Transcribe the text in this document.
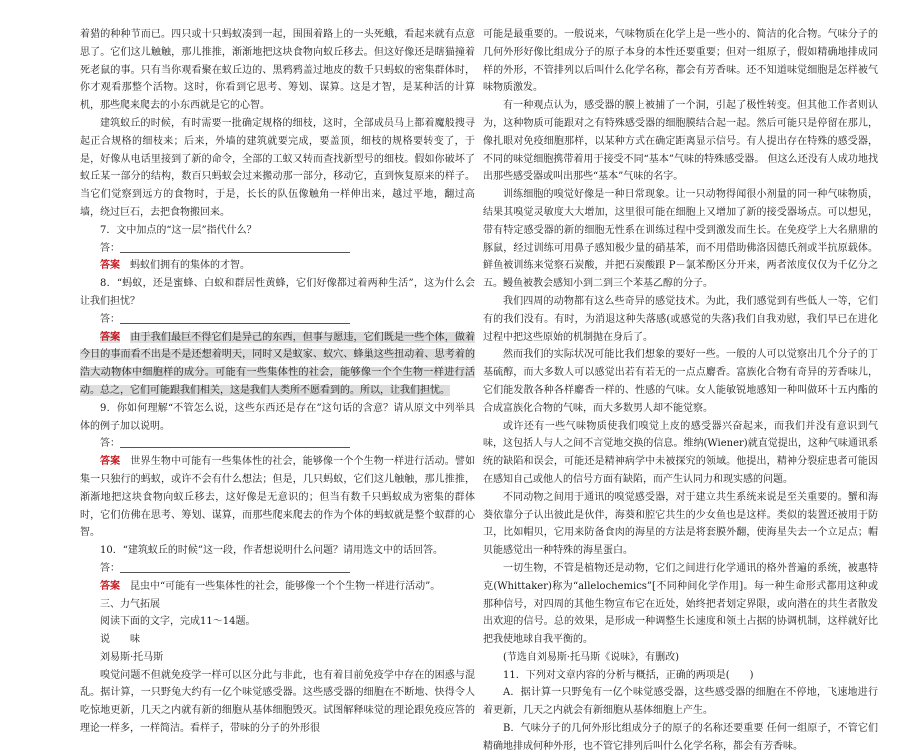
着猎的种种节而已。四只或十只蚂蚁凑到一起，围围着路上的一头死蛾，看起来就有点意思了。它们这儿触触，那儿推推，渐渐地把这块食物向蚁丘移去。但这好像还是瞎猫撞着死老鼠的事。只有当你观看聚在蚁丘边的、黑鸦鸦盖过地皮的数千只蚂蚁的密集群体时，你才观看那整个活物。这时，你看到它思考、筹划、谋算。这是才智，是某种活的计算机，那些爬来爬去的小东西就是它的心智。

建筑蚁丘的时候，有时需要一批确定规格的细枝，这时，全部成员马上都着魔般搜寻起正合规格的细枝来；后来，外墙的建筑就要完成，要盖顶，细枝的规格要转变了，于是，好像从电话里接到了新的命令，全部的工蚁又转而查找新型号的细枝。假如你破坏了蚁丘某一部分的结构，数百只蚂蚁会过来搬动那一部分，移动它，直到恢复原来的样子。当它们觉察到远方的食物时，于是，长长的队伍像触角一样伸出来，越过平地，翻过高墙，绕过巨石，去把食物搬回来。

7．文中加点的“这一层”指代什么？

答：

答案　 蚂蚁们拥有的集体的才智。

8．“蚂蚁，还是蜜蜂、白蚁和群居性黄蜂，它们好像都过着两种生活”，这为什么会让我们担忧？

答：

答案　 由于我们最巨不得它们是异己的东西，但事与愿违，它们既是一些个体，做着今日的事而看不出是不是还想着明天，同时又是蚁家、蚁穴、蜂巢这些扭动着、思考着的浩大动物体中细胞样的成分。可能有一些集体性的社会，能够像一个个生物一样进行活动。总之，它们可能跟我们相关，这是我们人类所不愿看到的。所以，让我们担忧。

9．你如何理解“不管怎么说，这些东西还是存在”这句话的含意？请从原文中列举具体的例子加以说明。

答：

答案　 世界生物中可能有一些集体性的社会，能够像一个个生物一样进行活动。譬如集一只独行的蚂蚁，或许不会有什么想法；但是，几只蚂蚁，它们这儿触触，那儿推推，渐渐地把这块食物向蚁丘移去，这好像是无意识的；但当有数千只蚂蚁成为密集的群体时，它们仿佛在思考、筹划、谋算，而那些爬来爬去的作为个体的蚂蚁就是整个蚁群的心智。

10．“建筑蚁丘的时候”这一段，作者想说明什么问题？请用选文中的话回答。

答：

答案　 昆虫中“可能有一些集体性的社会，能够像一个个生物一样进行活动”。

三、力气拓展

阅读下面的文字，完成11～14题。

说　　味

刘易斯·托马斯

嗅觉问题不但就免疫学一样可以区分此与非此，也有着目前免疫学中存在的困惑与混乱。据计算，一只野兔大约有一亿个味觉感受器。这些感受器的细胞在不断地、快得令人吃惊地更新，几天之内就有新的细胞从基体细胞毁灭。试图解释味觉的理论跟免疫应答的理论一样多，一样简洁。看样子，带味的分子的外形很

可能是最重要的。一般说来，气味物质在化学上是一些小的、简洁的化合物。气味分子的几何外形好像比组成分子的原子本身的本性还要重要；但对一组原子，假如精确地排成同样的外形，不管排列以后叫什么化学名称，都会有芳香味。还不知道味觉细胞是怎样被气味物质激发。

有一种观点认为，感受器的膜上被捕了一个洞，引起了极性转变。但其他工作者则认为，这种物质可能跟对之有特殊感受器的细胞膜结合起一起。然后可能只是停留在那儿，像扎眼对免疫细胞那样，以某种方式在确定距离显示信号。有人提出存在特殊的感受器，不同的味觉细胞携带着用于接受不同“基本”气味的特殊感受器。 但这么还没有人成功地找出那些感受器或叫出那些“基本”气味的名字。

训练细胞的嗅觉好像是一种日常现象。让一只动物得闻很小剂量的同一种气味物质，结果其嗅觉灵敏度大大增加，这里很可能在细胞上又增加了新的接受器场点。可以想见，带有特定感受器的新的细胞无性系在训练过程中受到激发而生长。在免疫学上大名鼎鼎的豚鼠，经过训练可用鼻子感知极少量的硝基苯，而不用借助佛洛因德氏剂或半抗原载体。 鲜鱼被训练来觉察石炭酸，并把石炭酸跟 P－氯苯酚区分开来，两者浓度仅仅为千亿分之五。鳗鱼被教会感知小到二到三个苯基乙醇的分子。

我们四周的动物都有这么些奇异的感觉技术。为此，我们感觉到有些低人一等，它们有的我们没有。有时，为消退这种失落感(或感觉的失落)我们自我劝慰，我们早已在进化过程中把这些原始的机制抛在身后了。

然而我们的实际状况可能比我们想象的要好一些。一般的人可以觉察出几个分子的丁基硫醇，而大多数人可以感觉出若有若无的一点点麝香。富族化合物有奇异的芳香味儿，它们能发散各种各样麝香一样的、性感的气味。女人能敏锐地感知一种叫做环十五内酯的合成富族化合物的气味，而大多数男人却不能觉察。

或许还有一些气味物质使我们嗅觉上皮的感受器兴奋起来，而我们并没有意识到气味，这包括人与人之间不言觉地交换的信息。维纳(Wiener)就直觉提出，这种气味通讯系统的缺陷和误会，可能还是精神病学中未被探究的领域。他提出，精神分裂症患者可能因在感知自己或他人的信号方面有缺陷，而产生认同力和现实感的问题。

不同动物之间用于通讯的嗅觉感受器，对于建立共生系统来说是至关重要的。蟹和海葵依靠分子认出彼此是伙伴，海葵和腔它共生的少女鱼也是这样。类似的装置还被用于防卫，比如帽贝，它用来防备食肉的海星的方法是将套膜外翻，使海星失去一个立足点；帽贝能感觉出一种特殊的海星蛋白。

一切生物，不管是植物还是动物，它们之间进行化学通讯的格外普遍的系统，被惠特克(Whittaker)称为“allelochemics”[不同种间化学作用]。每一种生命形式都用这种或那种信号，对四周的其他生物宣布它在近处，始终把者划定界限，或向潜在的共生者散发出欢迎的信号。总的效果，是形成一种调整生长速度和领土占据的协调机制，这样就好比把我使地球自我平衡的。

(节选自刘易斯·托马斯《说味》，有删改)

11．下列对文章内容的分析与概括，正确的两项是(　　)

A．据计算一只野兔有一亿个味觉感受器，这些感受器的细胞在不停地，飞速地进行着更新，几天之内就会有新细胞从基体细胞上产生。

B．气味分子的几何外形比组成分子的原子的名称还要重要 任何一组原子，不管它们精确地排成何种外形，也不管它排列后叫什么化学名称，都会有芳香味。
